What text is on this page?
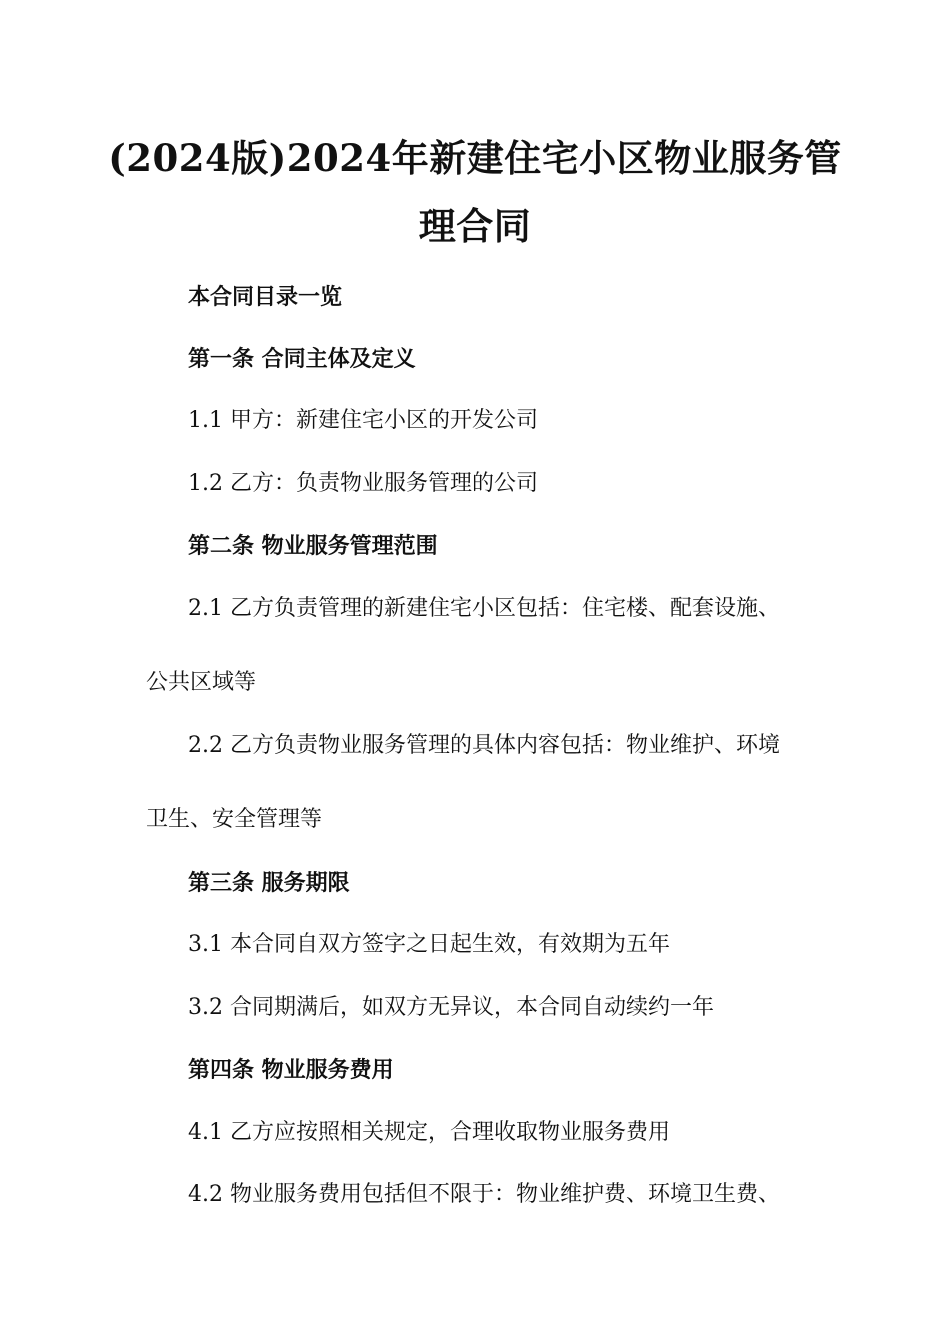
(2024版)2024年新建住宅小区物业服务管
理合同
本合同目录一览
第一条 合同主体及定义
1.1 甲方：新建住宅小区的开发公司
1.2 乙方：负责物业服务管理的公司
第二条 物业服务管理范围
2.1 乙方负责管理的新建住宅小区包括：住宅楼、配套设施、
公共区域等
2.2 乙方负责物业服务管理的具体内容包括：物业维护、环境
卫生、安全管理等
第三条 服务期限
3.1 本合同自双方签字之日起生效，有效期为五年
3.2 合同期满后，如双方无异议，本合同自动续约一年
第四条 物业服务费用
4.1 乙方应按照相关规定，合理收取物业服务费用
4.2 物业服务费用包括但不限于：物业维护费、环境卫生费、
